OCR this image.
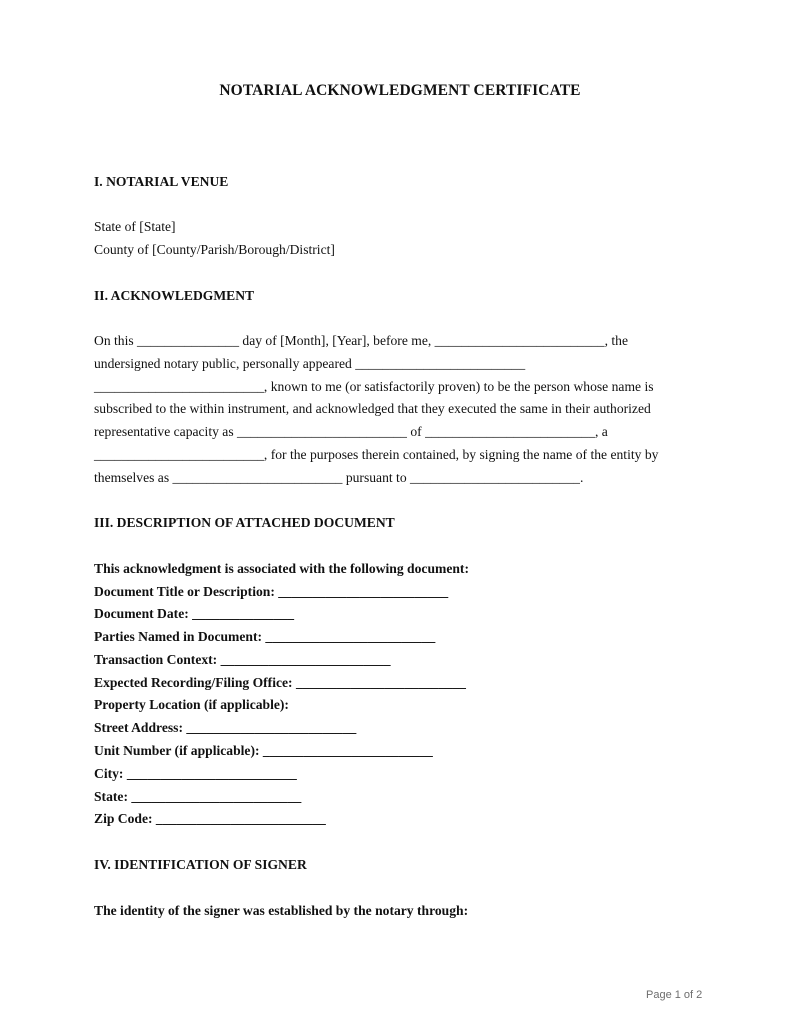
NOTARIAL ACKNOWLEDGMENT CERTIFICATE
I. NOTARIAL VENUE
State of [State]
County of [County/Parish/Borough/District]
II. ACKNOWLEDGMENT
On this _______________ day of [Month], [Year], before me, _________________________, the
undersigned notary public, personally appeared _________________________
_________________________, known to me (or satisfactorily proven) to be the person whose name is
subscribed to the within instrument, and acknowledged that they executed the same in their authorized
representative capacity as _________________________ of _________________________, a
_________________________, for the purposes therein contained, by signing the name of the entity by
themselves as _________________________ pursuant to _________________________.
III. DESCRIPTION OF ATTACHED DOCUMENT
This acknowledgment is associated with the following document:
Document Title or Description: _________________________
Document Date: _______________
Parties Named in Document: _________________________
Transaction Context: _________________________
Expected Recording/Filing Office: _________________________
Property Location (if applicable):
Street Address: _________________________
Unit Number (if applicable): _________________________
City: _________________________
State: _________________________
Zip Code: _________________________
IV. IDENTIFICATION OF SIGNER
The identity of the signer was established by the notary through:
Page 1 of 2
